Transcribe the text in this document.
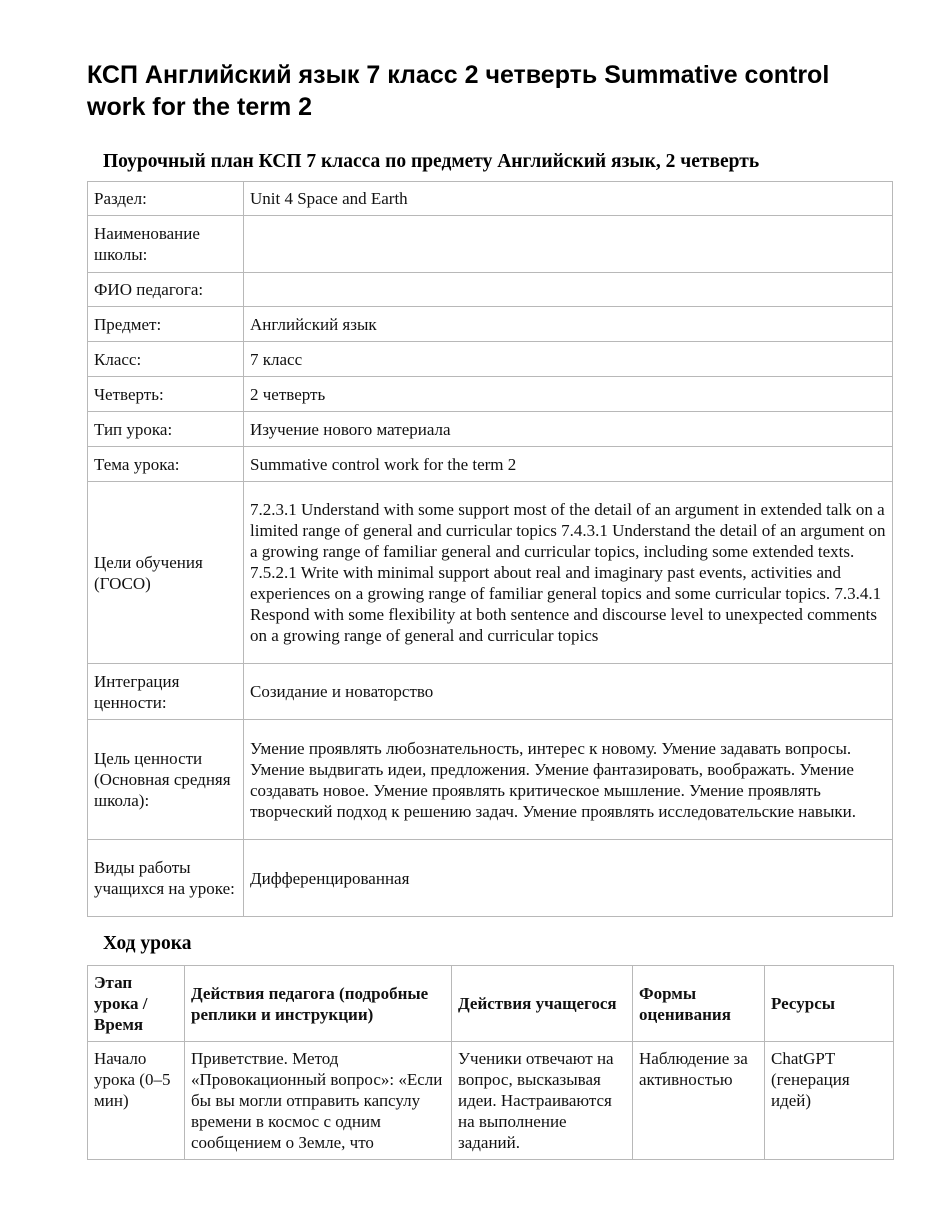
КСП Английский язык 7 класс 2 четверть Summative control work for the term 2
Поурочный план КСП 7 класса по предмету Английский язык, 2 четверть
Раздел:	Unit 4 Space and Earth
Наименование школы:	
ФИО педагога:	
Предмет:	Английский язык
Класс:	7 класс
Четверть:	2 четверть
Тип урока:	Изучение нового материала
Тема урока:	Summative control work for the term 2
Цели обучения (ГОСО)	7.2.3.1 Understand with some support most of the detail of an argument in extended talk on a limited range of general and curricular topics 7.4.3.1 Understand the detail of an argument on a growing range of familiar general and curricular topics, including some extended texts. 7.5.2.1 Write with minimal support about real and imaginary past events, activities and experiences on a growing range of familiar general topics and some curricular topics. 7.3.4.1 Respond with some flexibility at both sentence and discourse level to unexpected comments on a growing range of general and curricular topics
Интеграция ценности:	Созидание и новаторство
Цель ценности (Основная средняя школа):	Умение проявлять любознательность, интерес к новому. Умение задавать вопросы. Умение выдвигать идеи, предложения. Умение фантазировать, воображать. Умение создавать новое. Умение проявлять критическое мышление. Умение проявлять творческий подход к решению задач. Умение проявлять исследовательские навыки.
Виды работы учащихся на уроке:	Дифференцированная
Ход урока
Этап урока / Время	Действия педагога (подробные реплики и инструкции)	Действия учащегося	Формы оценивания	Ресурсы

Начало урока (0–5 мин)	Приветствие. Метод «Провокационный вопрос»: «Если бы вы могли отправить капсулу времени в космос с одним сообщением о Земле, что	Ученики отвечают на вопрос, высказывая идеи. Настраиваются на выполнение заданий.	Наблюдение за активностью	ChatGPT (генерация идей)
